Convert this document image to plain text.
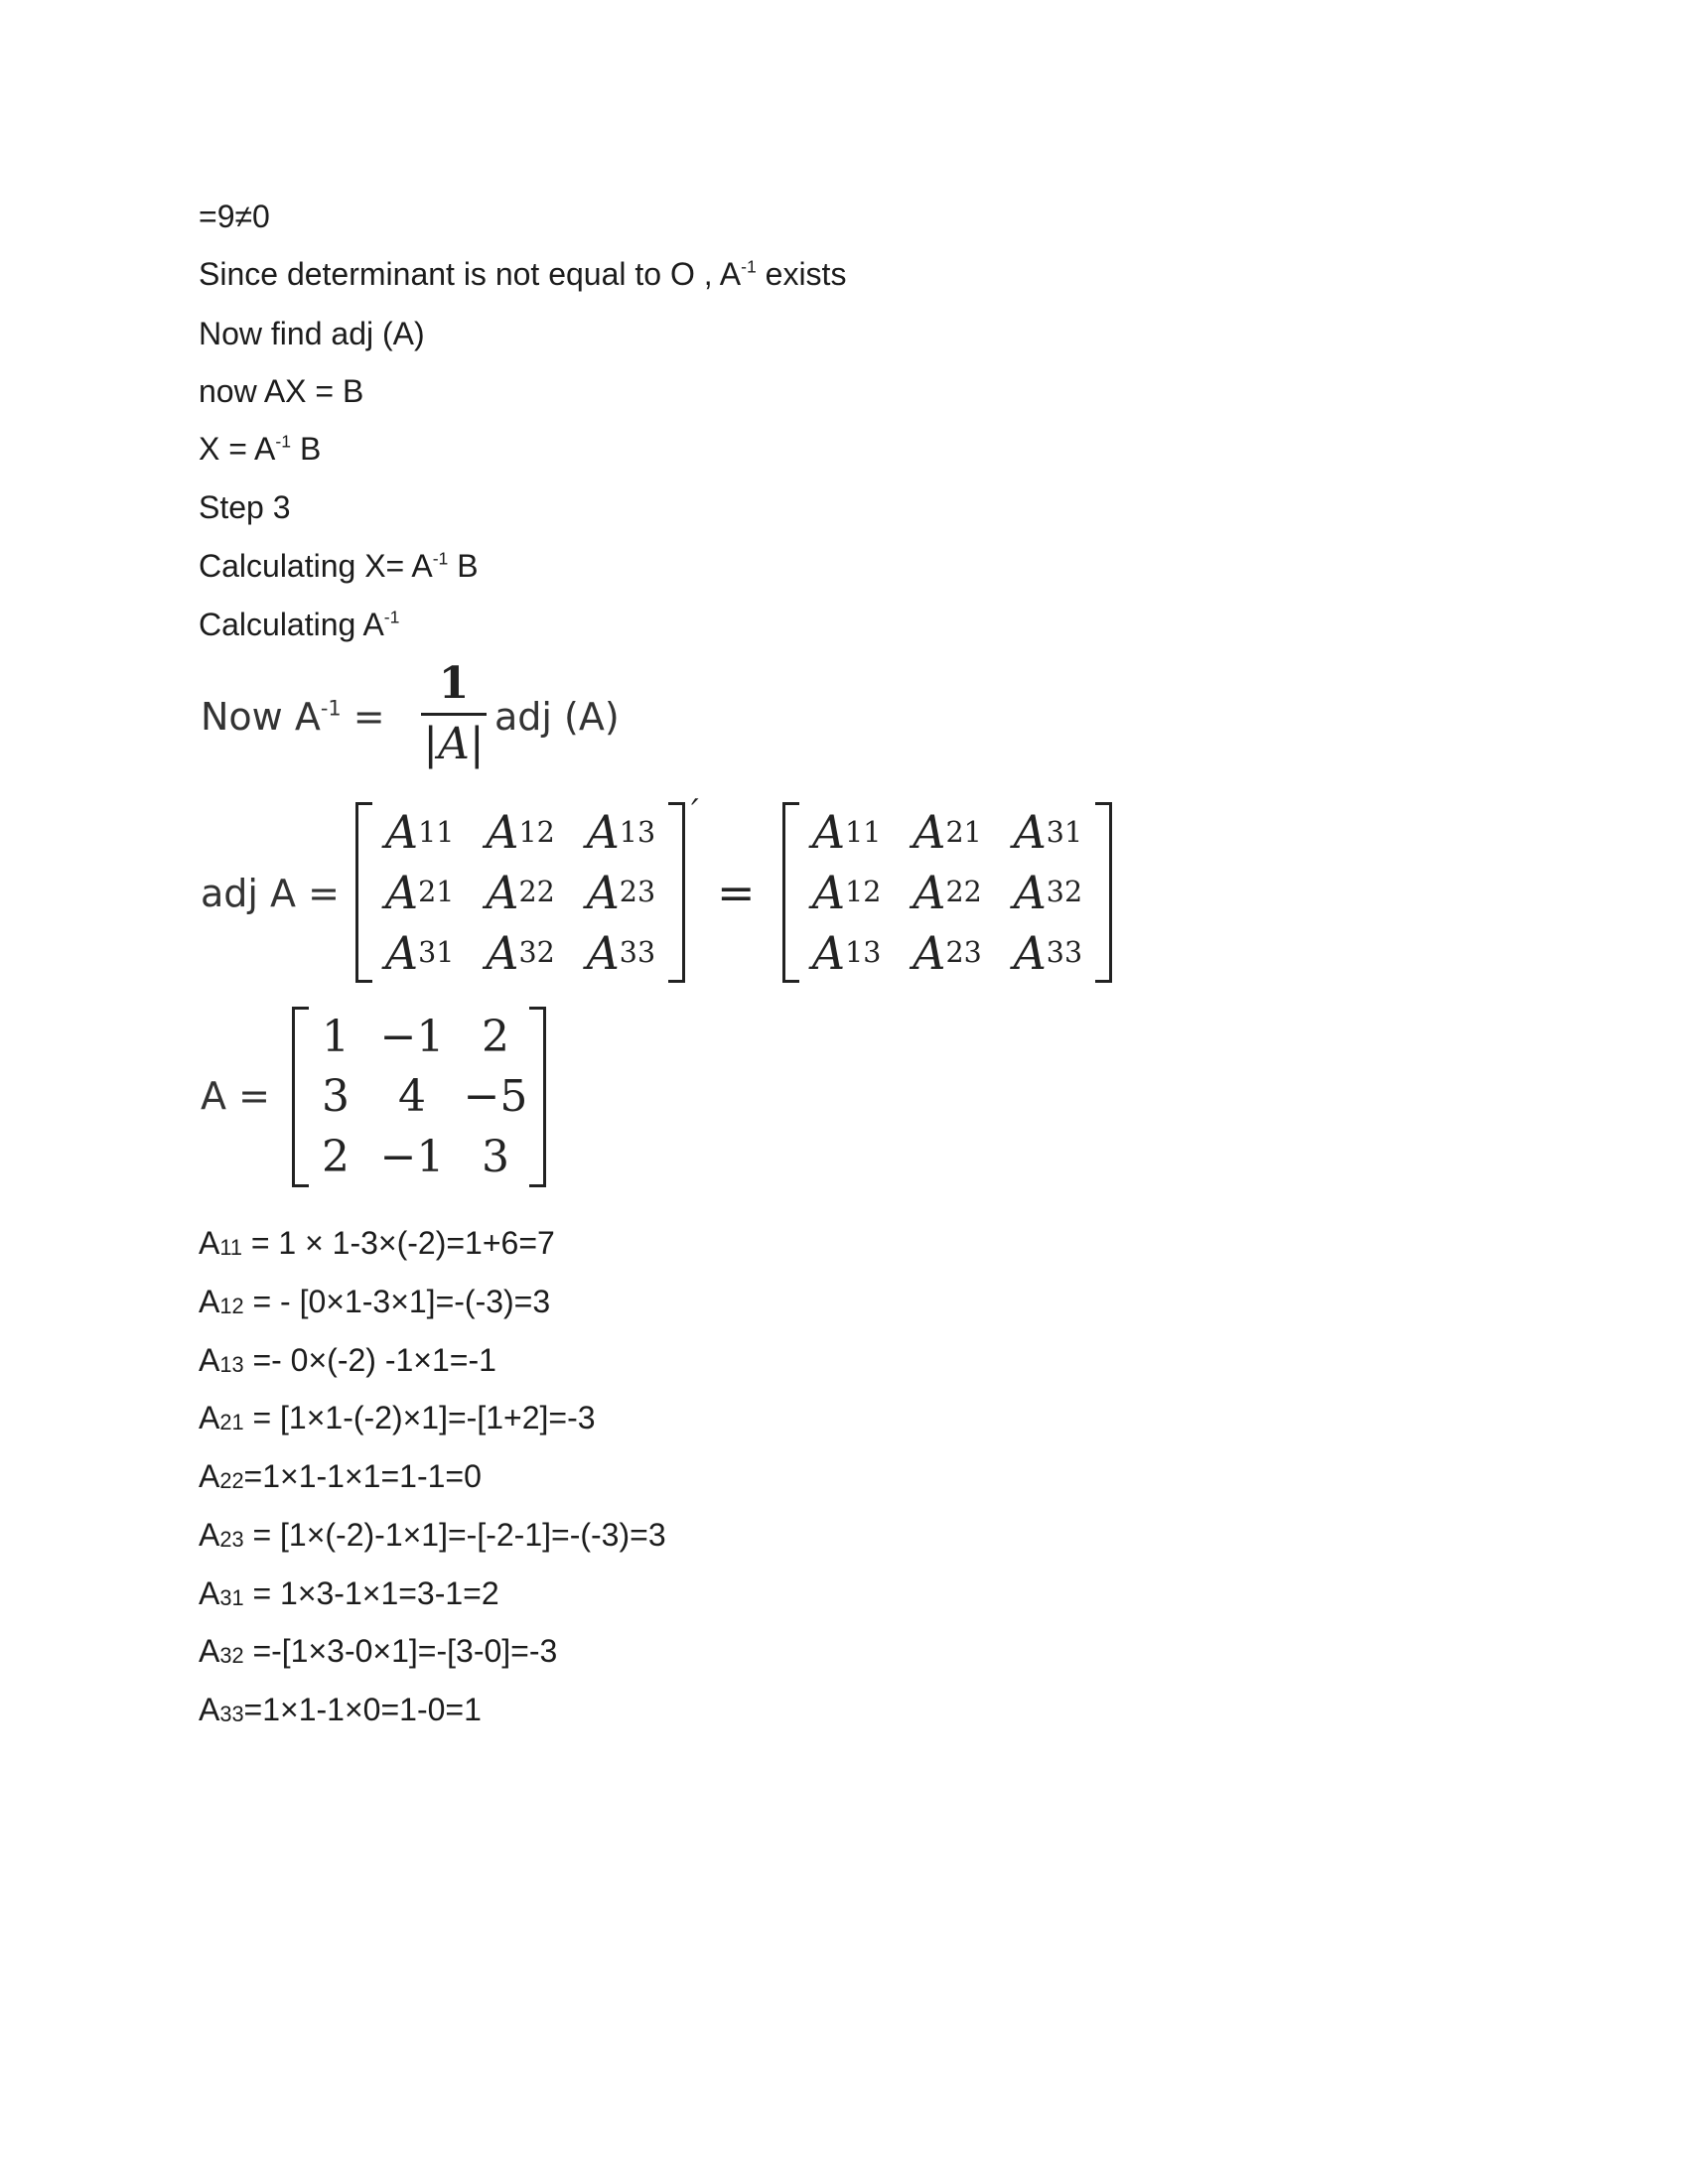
=9≠0
Since determinant is not equal to O , $A^{-1}$ exists
Now find adj (A)
now AX = B
$X = A^{-1}$ B
Step 3
Calculating $X= A^{-1}$ B
Calculating $A^{-1}$
Now $A^{-1}$ =
1
|A|
adj (A)
adj A =
A 11 A 12 A 13
A 21 A 22 A 23
A 31 A 32 A 33
′
=
A 11 A 21 A 31
A 12 A 22 A 32
A 13 A 23 A 33
A =
1 −1 2
3	4 −5
2 −1 3
$A_{11} = 1 \times 1-3\times(-2)=1+6=7$
$A_{12}$ = - [0×1-3×1]=-(-3)=3
$A_{13} =- 0\times(-2)$ -1×1=-1
$A_{21} = [1\times 1-(-2)\times 1]=-[1+2]=-3$
$A_{22}=1\times 1-1\times 1=1-1=0$
$A_{23} = [1\times(-2)-1\times 1]=-[-2-1]=-(-3)=3$
$A_{31} = 1\times 3-1\times 1=3-1=2$
$A_{32} =-[1\times 3-0\times 1]=-[3-0]=-3$
$A_{33}=1\times 1-1\times 0=1-0=1$
